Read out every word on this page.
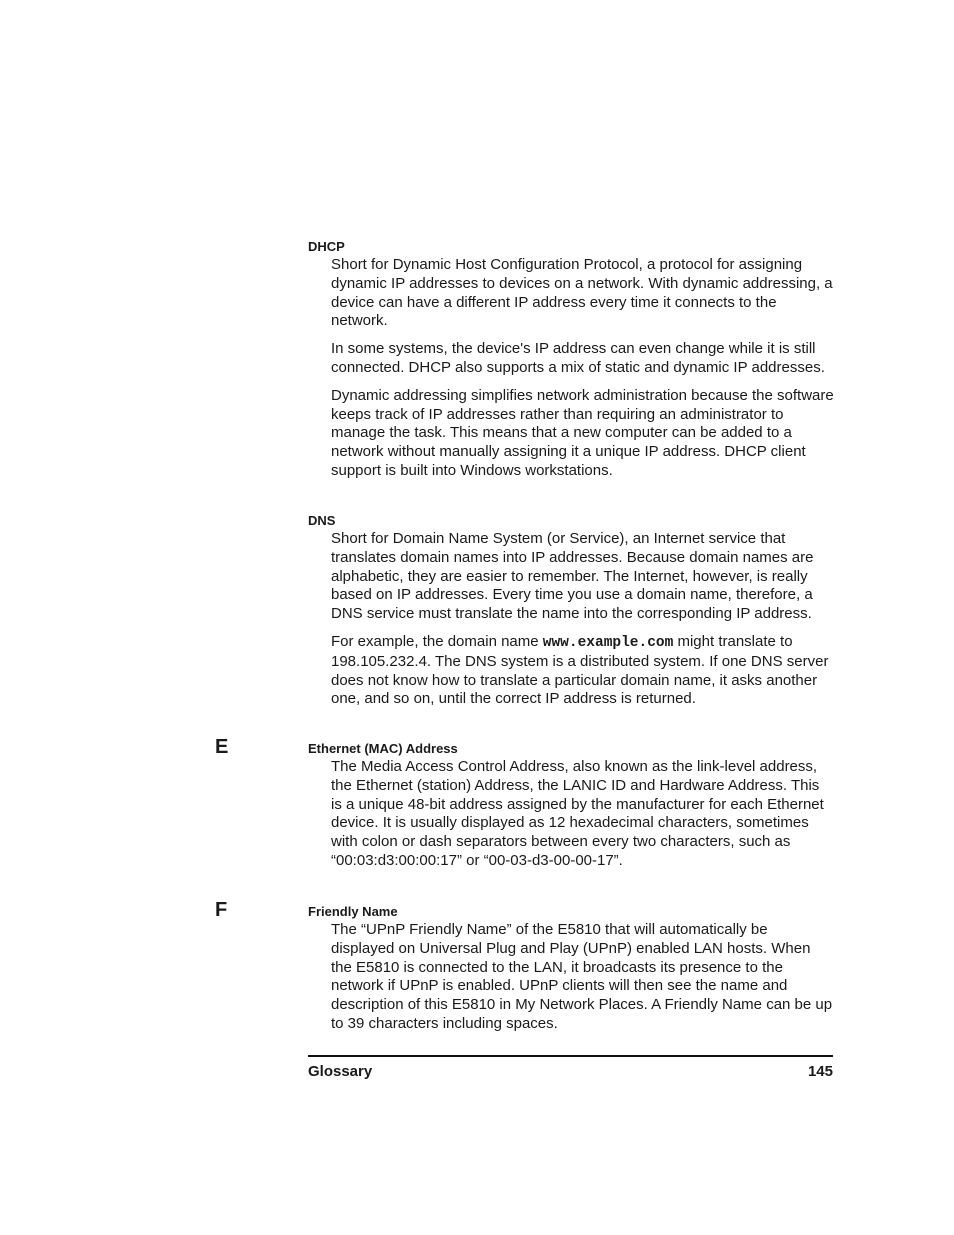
DHCP

Short for Dynamic Host Configuration Protocol, a protocol for assigning dynamic IP addresses to devices on a network. With dynamic addressing, a device can have a different IP address every time it connects to the network.

In some systems, the device's IP address can even change while it is still connected. DHCP also supports a mix of static and dynamic IP addresses.

Dynamic addressing simplifies network administration because the software keeps track of IP addresses rather than requiring an administrator to manage the task. This means that a new computer can be added to a network without manually assigning it a unique IP address. DHCP client support is built into Windows workstations.

DNS

Short for Domain Name System (or Service), an Internet service that translates domain names into IP addresses. Because domain names are alphabetic, they are easier to remember. The Internet, however, is really based on IP addresses. Every time you use a domain name, therefore, a DNS service must translate the name into the corresponding IP address.

For example, the domain name www.example.com might translate to 198.105.232.4. The DNS system is a distributed system. If one DNS server does not know how to translate a particular domain name, it asks another one, and so on, until the correct IP address is returned.

E	Ethernet (MAC) Address

The Media Access Control Address, also known as the link-level address, the Ethernet (station) Address, the LANIC ID and Hardware Address. This is a unique 48-bit address assigned by the manufacturer for each Ethernet device. It is usually displayed as 12 hexadecimal characters, sometimes with colon or dash separators between every two characters, such as “00:03:d3:00:00:17” or “00-03-d3-00-00-17”.

F	Friendly Name

The “UPnP Friendly Name” of the E5810 that will automatically be displayed on Universal Plug and Play (UPnP) enabled LAN hosts. When the E5810 is connected to the LAN, it broadcasts its presence to the network if UPnP is enabled. UPnP clients will then see the name and description of this E5810 in My Network Places. A Friendly Name can be up to 39 characters including spaces.

Glossary	145
